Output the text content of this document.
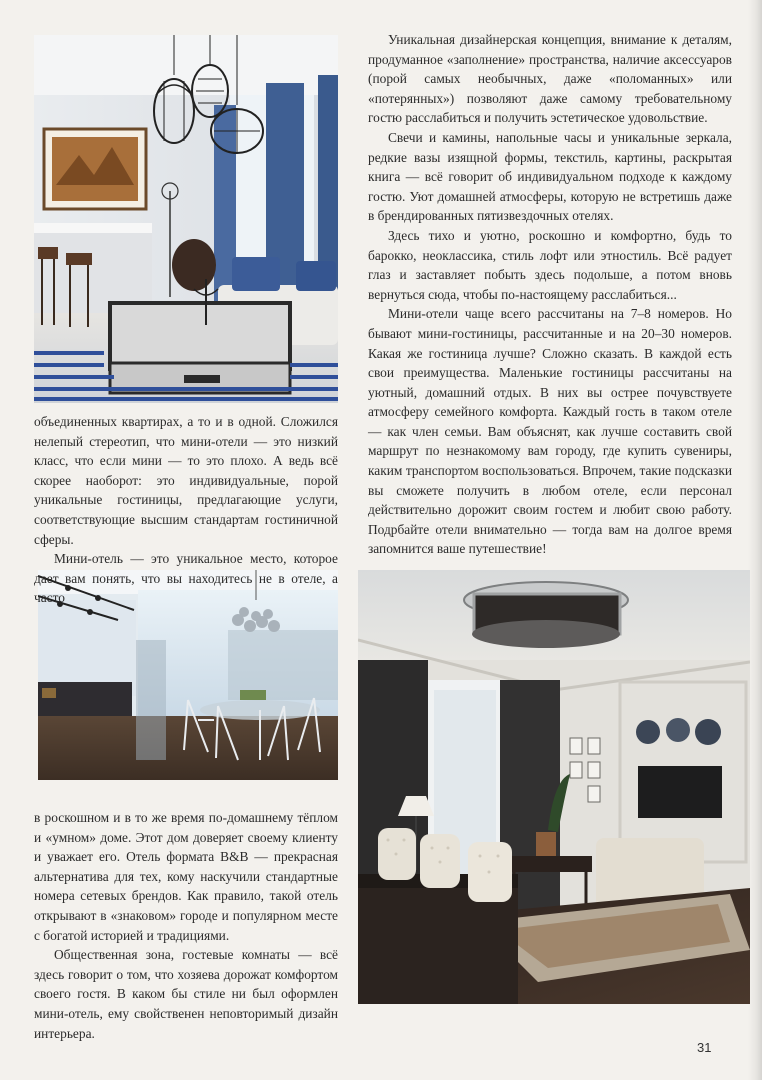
объединенных квартирах, а то и в одной. Сложился нелепый стереотип, что мини-отели — это низкий класс, что если мини — то это плохо. А ведь всё скорее наоборот: это индивидуальные, порой уникальные гостиницы, предлагающие услуги, соответствующие высшим стандартам гостиничной сферы.

Мини-отель — это уникальное место, которое дает вам понять, что вы находитесь не в отеле, а часто

Уникальная дизайнерская концепция, внимание к деталям, продуманное «заполнение» пространства, наличие аксессуаров (порой самых необычных, даже «поломанных» или «потерянных») позволяют даже самому требовательному гостю расслабиться и получить эстетическое удовольствие.

Свечи и камины, напольные часы и уникальные зеркала, редкие вазы изящной формы, текстиль, картины, раскрытая книга — всё говорит об индивидуальном подходе к каждому гостю. Уют домашней атмосферы, которую не встретишь даже в брендированных пятизвездочных отелях.

Здесь тихо и уютно, роскошно и комфортно, будь то барокко, неоклассика, стиль лофт или этностиль. Всё радует глаз и заставляет побыть здесь подольше, а потом вновь вернуться сюда, чтобы по-настоящему расслабиться...

Мини-отели чаще всего рассчитаны на 7–8 номеров. Но бывают мини-гостиницы, рассчитанные и на 20–30 номеров. Какая же гостиница лучше? Сложно сказать. В каждой есть свои преимущества. Маленькие гостиницы рассчитаны на уютный, домашний отдых. В них вы острее почувствуете атмосферу семейного комфорта. Каждый гость в таком отеле — как член семьи. Вам объяснят, как лучше составить свой маршрут по незнакомому вам городу, где купить сувениры, каким транспортом воспользоваться. Впрочем, такие подсказки вы сможете получить в любом отеле, если персонал действительно дорожит своим гостем и любит свою работу. Подрбайте отели внимательно — тогда вам на долгое время запомнится ваше путешествие!

в роскошном и в то же время по-домашнему тёплом и «умном» доме. Этот дом доверяет своему клиенту и уважает его. Отель формата B&B — прекрасная альтернатива для тех, кому наскучили стандартные номера сетевых брендов. Как правило, такой отель открывают в «знаковом» городе и популярном месте с богатой историей и традициями.

Общественная зона, гостевые комнаты — всё здесь говорит о том, что хозяева дорожат комфортом своего гостя. В каком бы стиле ни был оформлен мини-отель, ему свойственен неповторимый дизайн интерьера.

31
